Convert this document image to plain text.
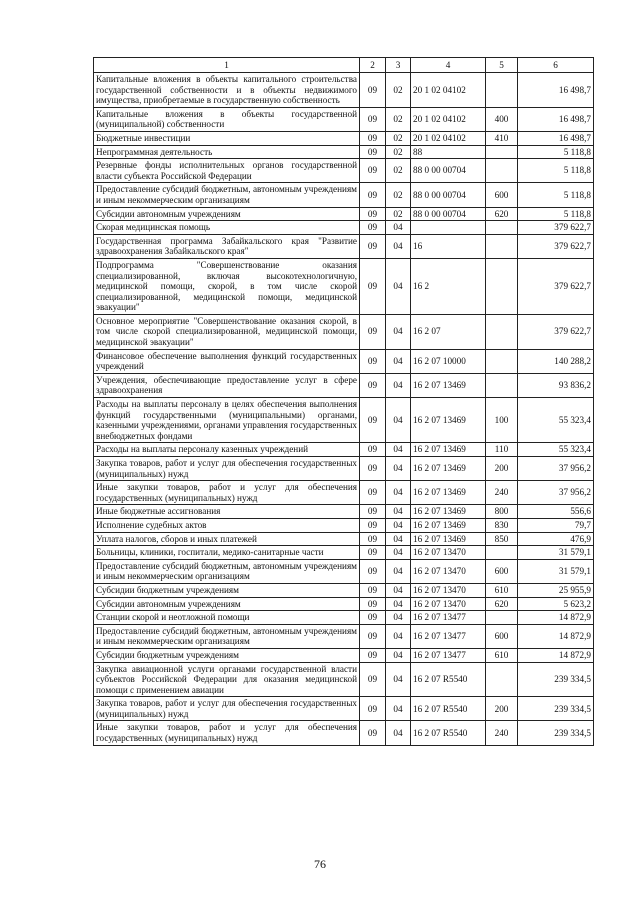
1	2	3	4	5	6
Капитальные вложения в объекты капитального строительства государственной собственности и в объекты недвижимого имущества, приобретаемые в государственную собственность	09	02	20 1 02 04102		16 498,7
Капитальные вложения в объекты государственной (муниципальной) собственности	09	02	20 1 02 04102	400	16 498,7
Бюджетные инвестиции	09	02	20 1 02 04102	410	16 498,7
Непрограммная деятельность	09	02	88		5 118,8
Резервные фонды исполнительных органов государственной власти субъекта Российской Федерации	09	02	88 0 00 00704		5 118,8
Предоставление субсидий бюджетным, автономным учреждениям и иным некоммерческим организациям	09	02	88 0 00 00704	600	5 118,8
Субсидии автономным учреждениям	09	02	88 0 00 00704	620	5 118,8
Скорая медицинская помощь	09	04			379 622,7
Государственная программа Забайкальского края "Развитие здравоохранения Забайкальского края"	09	04	16		379 622,7
Подпрограмма "Совершенствование оказания специализированной, включая высокотехнологичную, медицинской помощи, скорой, в том числе скорой специализированной, медицинской помощи, медицинской эвакуации"	09	04	16 2		379 622,7
Основное мероприятие "Совершенствование оказания скорой, в том числе скорой специализированной, медицинской помощи, медицинской эвакуации"	09	04	16 2 07		379 622,7
Финансовое обеспечение выполнения функций государственных учреждений	09	04	16 2 07 10000		140 288,2
Учреждения, обеспечивающие предоставление услуг в сфере здравоохранения	09	04	16 2 07 13469		93 836,2
Расходы на выплаты персоналу в целях обеспечения выполнения функций государственными (муниципальными) органами, казенными учреждениями, органами управления государственных внебюджетных фондами	09	04	16 2 07 13469	100	55 323,4
Расходы на выплаты персоналу казенных учреждений	09	04	16 2 07 13469	110	55 323,4
Закупка товаров, работ и услуг для обеспечения государственных (муниципальных) нужд	09	04	16 2 07 13469	200	37 956,2
Иные закупки товаров, работ и услуг для обеспечения государственных (муниципальных) нужд	09	04	16 2 07 13469	240	37 956,2
Иные бюджетные ассигнования	09	04	16 2 07 13469	800	556,6
Исполнение судебных актов	09	04	16 2 07 13469	830	79,7
Уплата налогов, сборов и иных платежей	09	04	16 2 07 13469	850	476,9
Больницы, клиники, госпитали, медико-санитарные части	09	04	16 2 07 13470		31 579,1
Предоставление субсидий бюджетным, автономным учреждениям и иным некоммерческим организациям	09	04	16 2 07 13470	600	31 579,1
Субсидии бюджетным учреждениям	09	04	16 2 07 13470	610	25 955,9
Субсидии автономным учреждениям	09	04	16 2 07 13470	620	5 623,2
Станции скорой и неотложной помощи	09	04	16 2 07 13477		14 872,9
Предоставление субсидий бюджетным, автономным учреждениям и иным некоммерческим организациям	09	04	16 2 07 13477	600	14 872,9
Субсидии бюджетным учреждениям	09	04	16 2 07 13477	610	14 872,9
Закупка авиационной услуги органами государственной власти субъектов Российской Федерации для оказания медицинской помощи с применением авиации	09	04	16 2 07 R5540		239 334,5
Закупка товаров, работ и услуг для обеспечения государственных (муниципальных) нужд	09	04	16 2 07 R5540	200	239 334,5
Иные закупки товаров, работ и услуг для обеспечения государственных (муниципальных) нужд	09	04	16 2 07 R5540	240	239 334,5
76
